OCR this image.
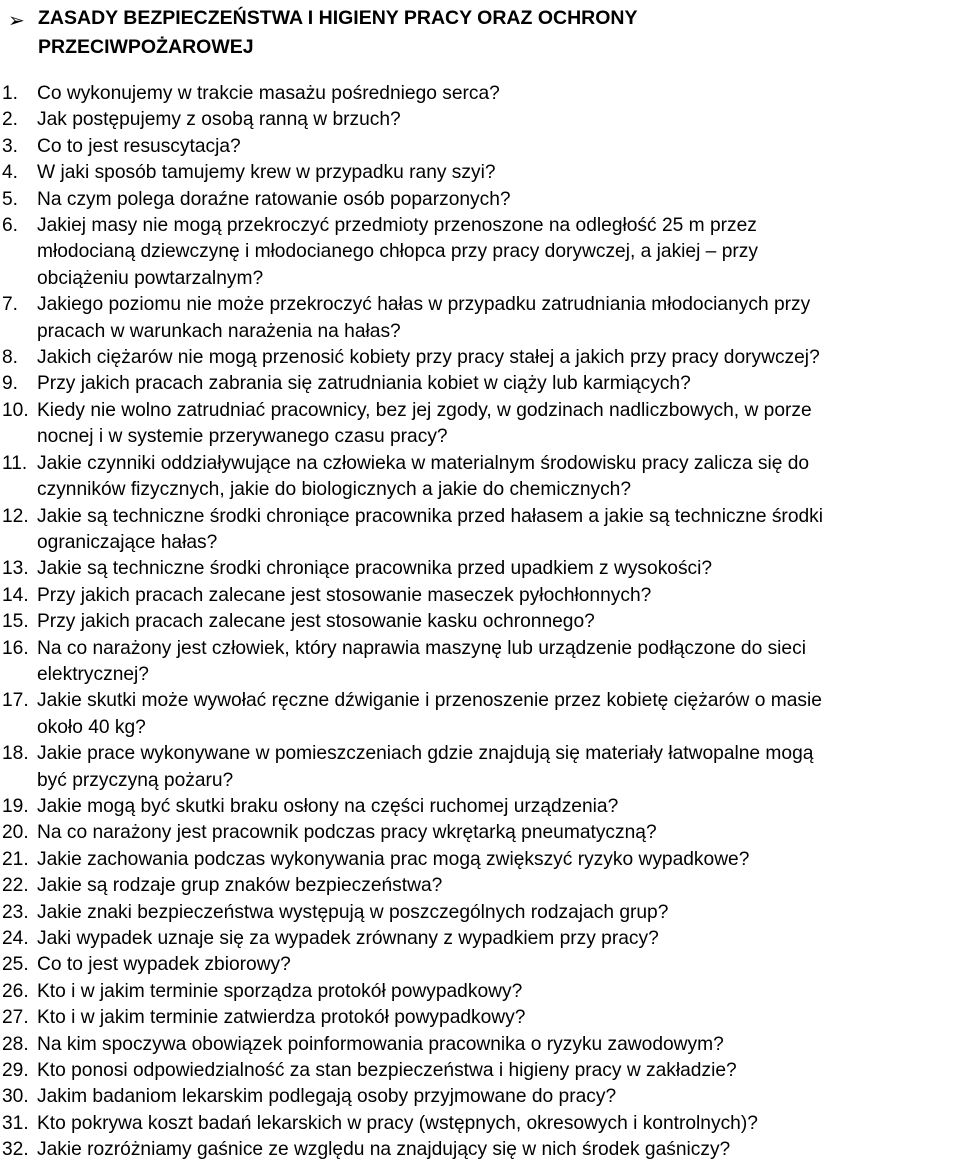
➢ ZASADY BEZPIECZEŃSTWA I HIGIENY PRACY ORAZ OCHRONY
PRZECIWPOŻAROWEJ
1. Co wykonujemy w trakcie masażu pośredniego serca?
2. Jak postępujemy z osobą ranną w brzuch?
3. Co to jest resuscytacja?
4. W jaki sposób tamujemy krew w przypadku rany szyi?
5. Na czym polega doraźne ratowanie osób poparzonych?
6. Jakiej masy nie mogą przekroczyć przedmioty przenoszone na odległość 25 m przez
młodocianą dziewczynę i młodocianego chłopca przy pracy dorywczej, a jakiej – przy
obciążeniu powtarzalnym?
7. Jakiego poziomu nie może przekroczyć hałas w przypadku zatrudniania młodocianych przy
pracach w warunkach narażenia na hałas?
8. Jakich ciężarów nie mogą przenosić kobiety przy pracy stałej a jakich przy pracy dorywczej?
9. Przy jakich pracach zabrania się zatrudniania kobiet w ciąży lub karmiących?
10. Kiedy nie wolno zatrudniać pracownicy, bez jej zgody, w godzinach nadliczbowych, w porze
nocnej i w systemie przerywanego czasu pracy?
11. Jakie czynniki oddziaływujące na człowieka w materialnym środowisku pracy zalicza się do
czynników fizycznych, jakie do biologicznych a jakie do chemicznych?
12. Jakie są techniczne środki chroniące pracownika przed hałasem a jakie są techniczne środki
ograniczające hałas?
13. Jakie są techniczne środki chroniące pracownika przed upadkiem z wysokości?
14. Przy jakich pracach zalecane jest stosowanie maseczek pyłochłonnych?
15. Przy jakich pracach zalecane jest stosowanie kasku ochronnego?
16. Na co narażony jest człowiek, który naprawia maszynę lub urządzenie podłączone do sieci
elektrycznej?
17. Jakie skutki może wywołać ręczne dźwiganie i przenoszenie przez kobietę ciężarów o masie
około 40 kg?
18. Jakie prace wykonywane w pomieszczeniach gdzie znajdują się materiały łatwopalne mogą
być przyczyną pożaru?
19. Jakie mogą być skutki braku osłony na części ruchomej urządzenia?
20. Na co narażony jest pracownik podczas pracy wkrętarką pneumatyczną?
21. Jakie zachowania podczas wykonywania prac mogą zwiększyć ryzyko wypadkowe?
22. Jakie są rodzaje grup znaków bezpieczeństwa?
23. Jakie znaki bezpieczeństwa występują w poszczególnych rodzajach grup?
24. Jaki wypadek uznaje się za wypadek zrównany z wypadkiem przy pracy?
25. Co to jest wypadek zbiorowy?
26. Kto i w jakim terminie sporządza protokół powypadkowy?
27. Kto i w jakim terminie zatwierdza protokół powypadkowy?
28. Na kim spoczywa obowiązek poinformowania pracownika o ryzyku zawodowym?
29. Kto ponosi odpowiedzialność za stan bezpieczeństwa i higieny pracy w zakładzie?
30. Jakim badaniom lekarskim podlegają osoby przyjmowane do pracy?
31. Kto pokrywa koszt badań lekarskich w pracy (wstępnych, okresowych i kontrolnych)?
32. Jakie rozróżniamy gaśnice ze względu na znajdujący się w nich środek gaśniczy?
